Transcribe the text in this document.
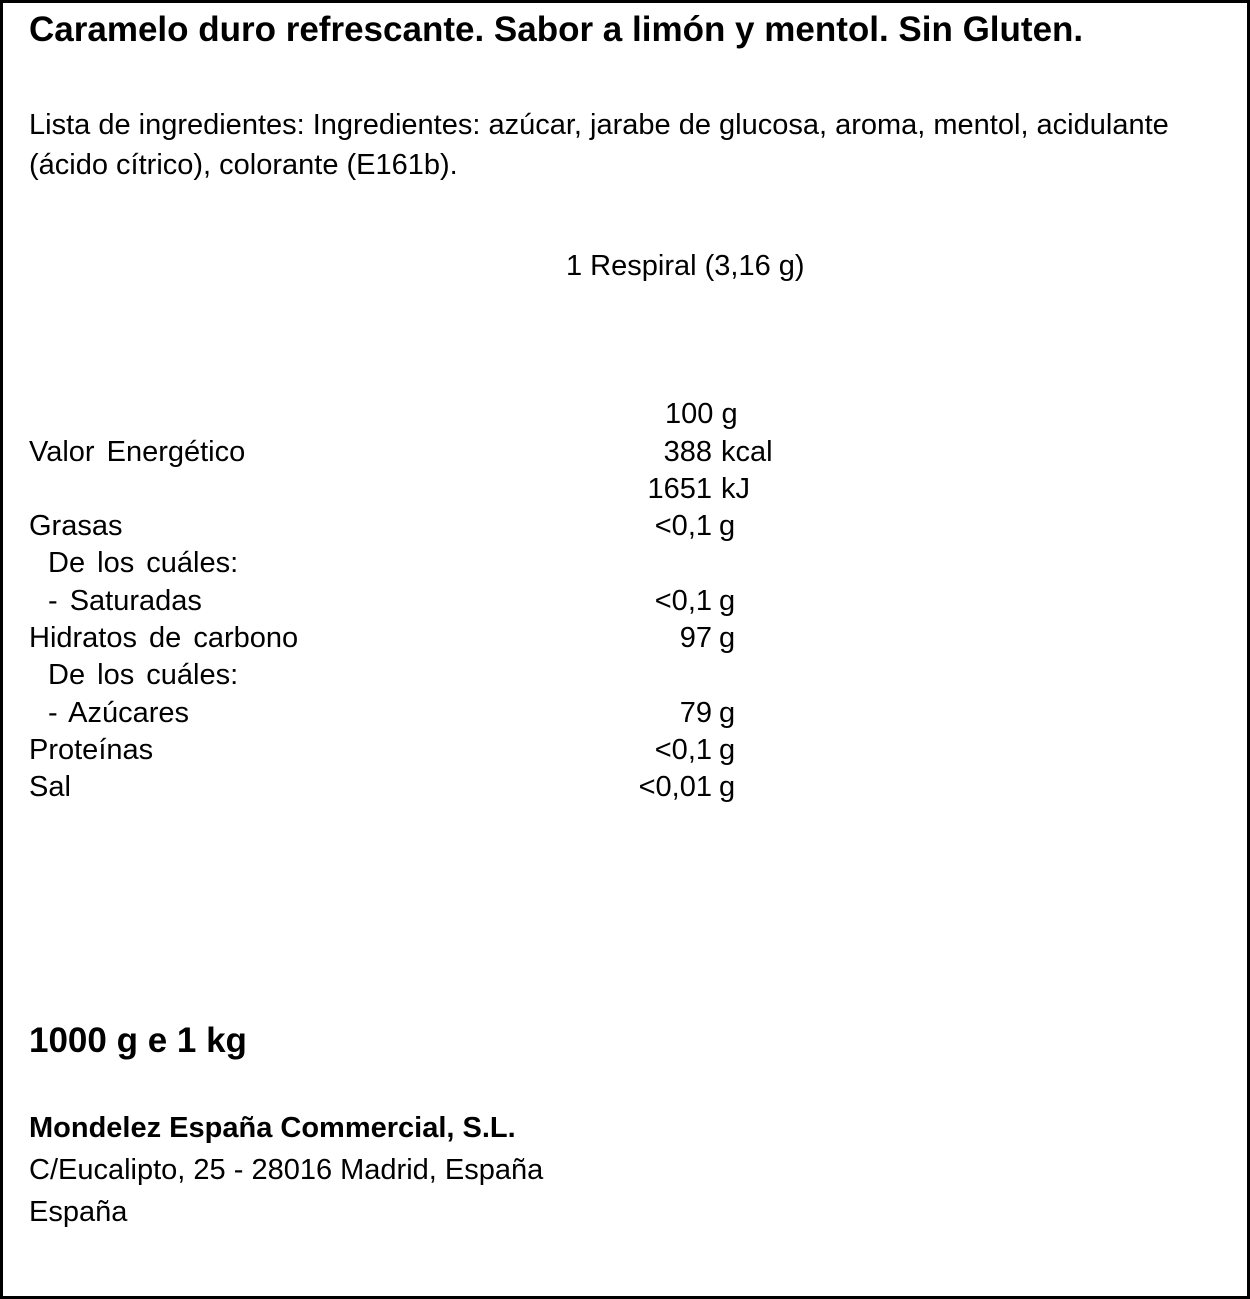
Caramelo duro refrescante. Sabor a limón y mentol. Sin Gluten.
Lista de ingredientes: Ingredientes: azúcar, jarabe de glucosa, aroma, mentol, acidulante (ácido cítrico), colorante (E161b).
1 Respiral (3,16 g)
100 g
Valor Energético	388 kcal
1651 kJ
Grasas	<0,1 g
De los cuáles:
- Saturadas	<0,1 g
Hidratos de carbono	97 g
De los cuáles:
- Azúcares	79 g
Proteínas	<0,1 g
Sal	<0,01 g
1000 g e 1 kg
Mondelez España Commercial, S.L.
C/Eucalipto, 25 - 28016 Madrid, España
España
